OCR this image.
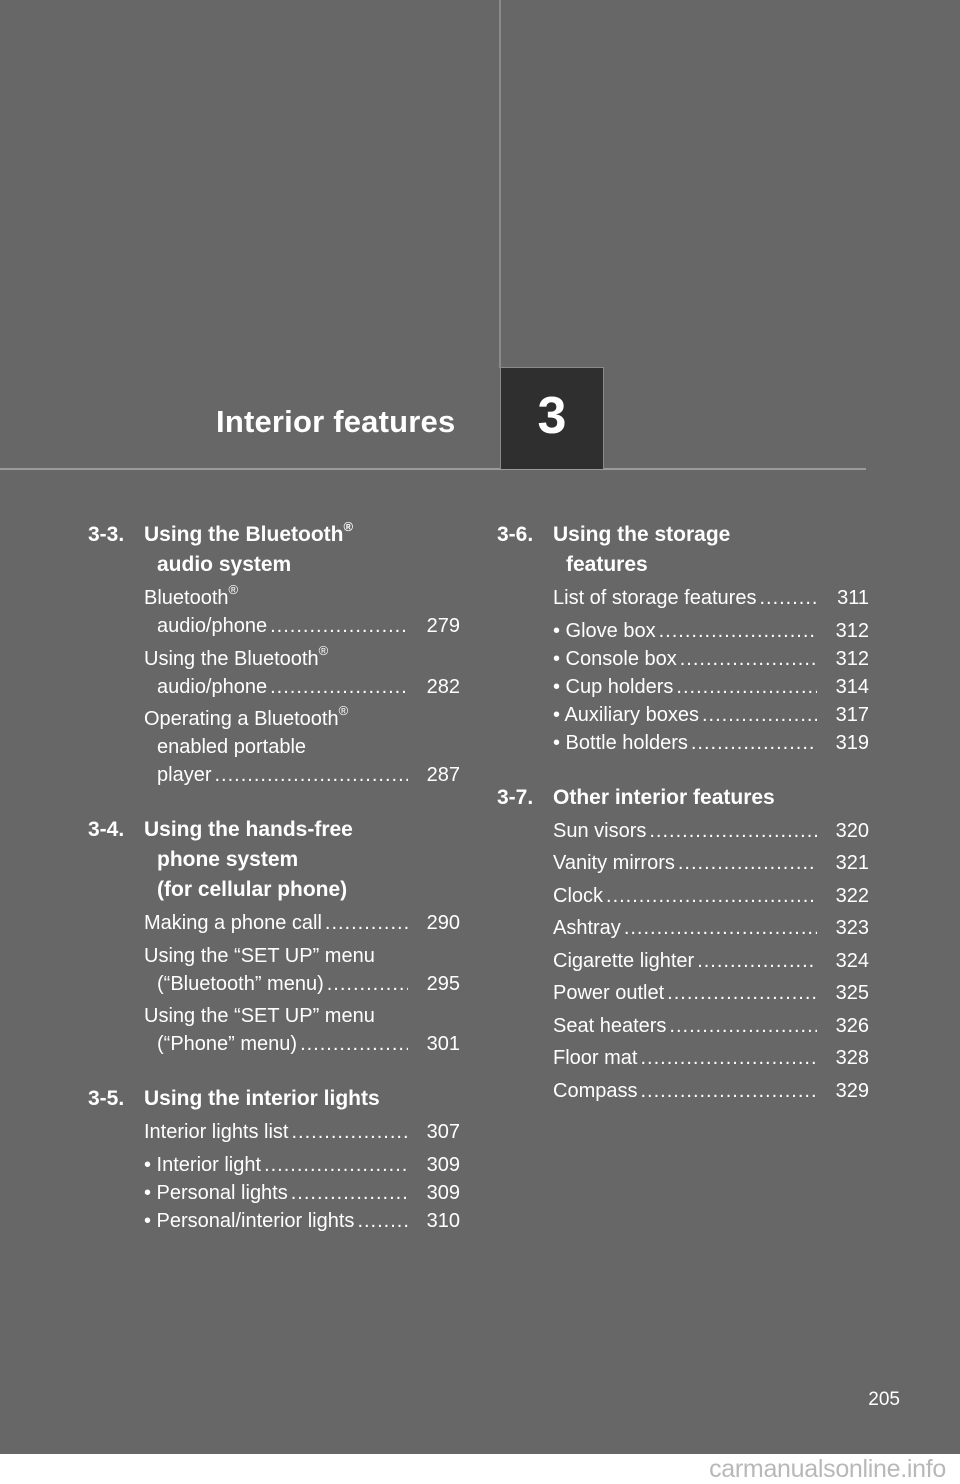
Interior features	3
3-3. Using the Bluetooth®
audio system
Bluetooth®
audio/phone .....	279
Using the Bluetooth®
audio/phone .....	282
Operating a Bluetooth®
enabled portable
player .....	287
3-4. Using the hands-free
phone system
(for cellular phone)
Making a phone call .....	290
Using the “SET UP” menu
(“Bluetooth” menu) .....	295
Using the “SET UP” menu
(“Phone” menu) .....	301
3-5. Using the interior lights
Interior lights list .....	307
• Interior light .....	309
• Personal lights .....	309
• Personal/interior lights .....	310
3-6. Using the storage
features
List of storage features .....	311
• Glove box .....	312
• Console box .....	312
• Cup holders .....	314
• Auxiliary boxes .....	317
• Bottle holders .....	319
3-7. Other interior features
Sun visors .....	320
Vanity mirrors .....	321
Clock .....	322
Ashtray .....	323
Cigarette lighter .....	324
Power outlet .....	325
Seat heaters .....	326
Floor mat .....	328
Compass .....	329
205
carmanualsonline.info
